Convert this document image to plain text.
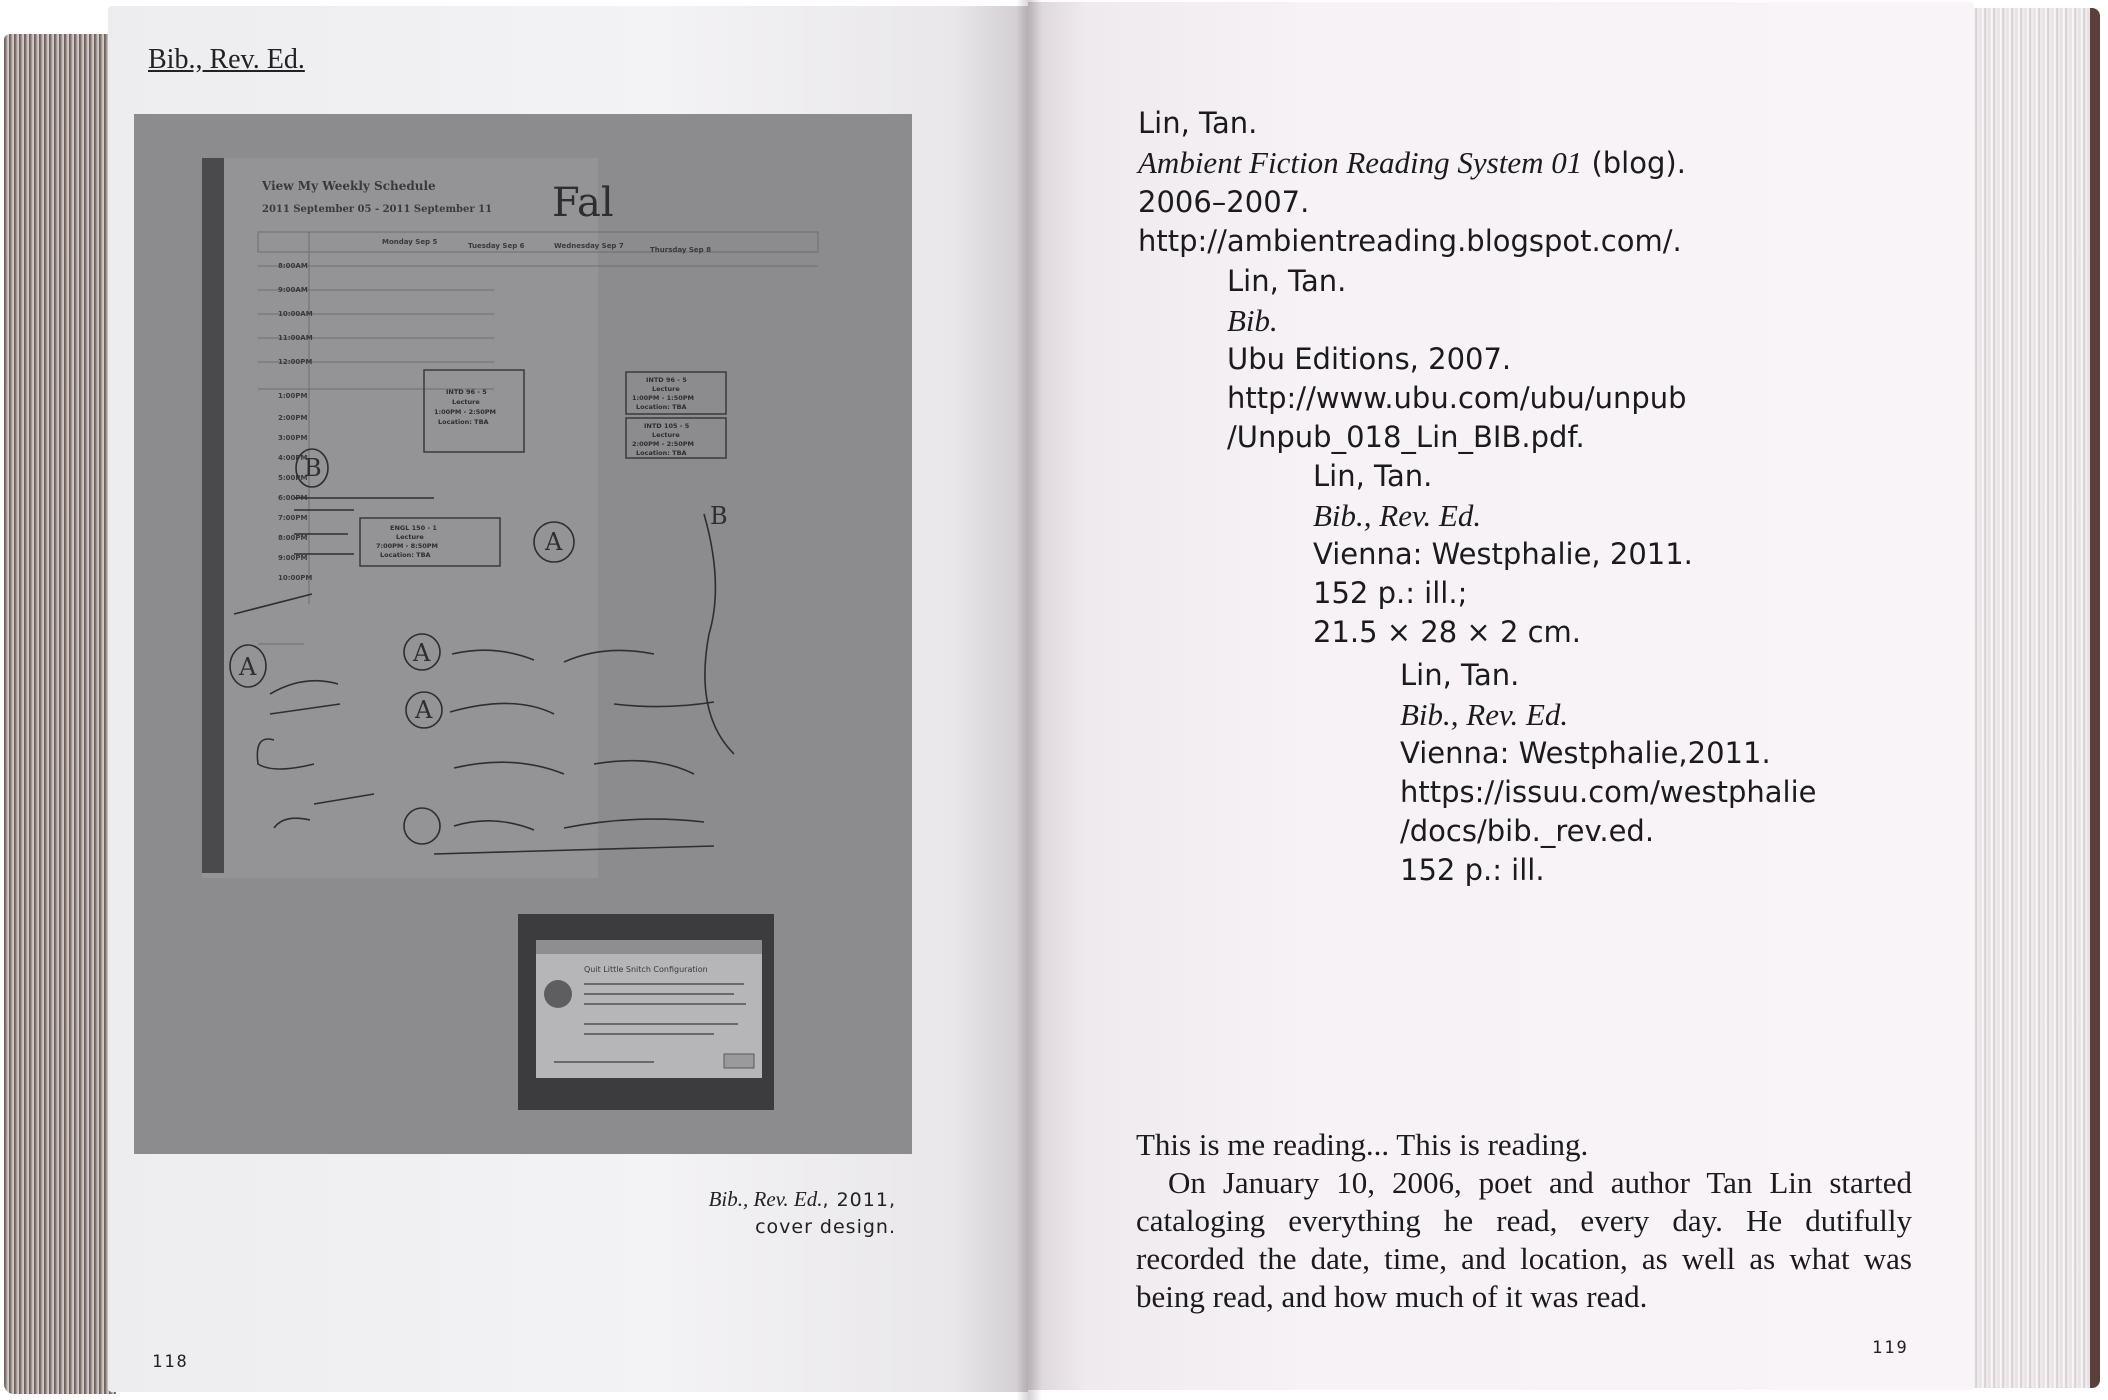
Bib., Rev. Ed.
View My Weekly Schedule
2011 September 05 - 2011 September 11 Fal
Monday Sep 5	Tuesday Sep 6	Wednesday Sep 7	Thursday Sep 8
8:00AM
9:00AM
10:00AM
11:00AM
12:00PM
1:00PM
2:00PM
3:00PM
4:00PM
5:00PM
6:00PM
7:00PM
8:00PM
9:00PM
10:00PM
INTD 96 - 5
Lecture
1:00PM - 2:50PM
Location: TBA
INTD 96 - 5
Lecture
1:00PM - 1:50PM
Location: TBA
INTD 105 - 5
Lecture
2:00PM - 2:50PM
Location: TBA
ENGL 150 - 1
Lecture
7:00PM - 8:50PM
Location: TBA
B
A
A	A
A
B
Quit Little Snitch Configuration
Bib., Rev. Ed., 2011,
cover design.
118
Lin, Tan.
Ambient Fiction Reading System 01 (blog).
2006–2007.
http://ambientreading.blogspot.com/.
Lin, Tan.
Bib.
Ubu Editions, 2007.
http://www.ubu.com/ubu/unpub
/Unpub_018_Lin_BIB.pdf.
Lin, Tan.
Bib., Rev. Ed.
Vienna: Westphalie, 2011.
152 p.: ill.;
21.5 × 28 × 2 cm.
Lin, Tan.
Bib., Rev. Ed.
Vienna: Westphalie,2011.
https://issuu.com/westphalie
/docs/bib._rev.ed.
152 p.: ill.

This is me reading... This is reading.

On January 10, 2006, poet and author Tan Lin started cataloging everything he read, every day. He dutifully recorded the date, time, and location, as well as what was being read, and how much of it was read.

119
